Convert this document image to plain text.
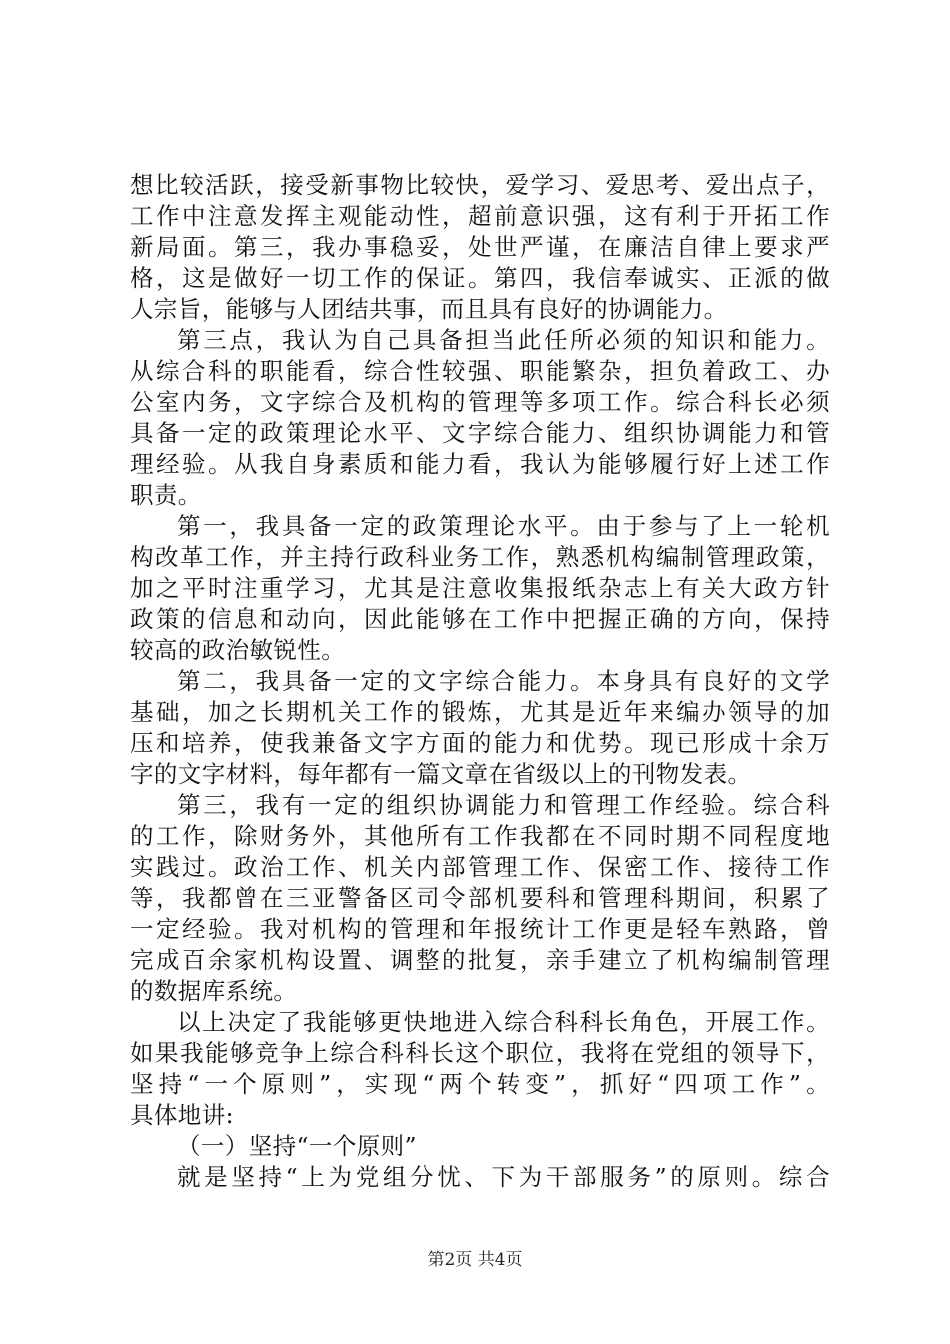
想比较活跃，接受新事物比较快，爱学习、爱思考、爱出点子，
工作中注意发挥主观能动性，超前意识强，这有利于开拓工作
新局面。第三，我办事稳妥，处世严谨，在廉洁自律上要求严
格，这是做好一切工作的保证。第四，我信奉诚实、正派的做
人宗旨，能够与人团结共事，而且具有良好的协调能力。
第三点，我认为自己具备担当此任所必须的知识和能力。
从综合科的职能看，综合性较强、职能繁杂，担负着政工、办
公室内务，文字综合及机构的管理等多项工作。综合科长必须
具备一定的政策理论水平、文字综合能力、组织协调能力和管
理经验。从我自身素质和能力看，我认为能够履行好上述工作
职责。
第一，我具备一定的政策理论水平。由于参与了上一轮机
构改革工作，并主持行政科业务工作，熟悉机构编制管理政策，
加之平时注重学习，尤其是注意收集报纸杂志上有关大政方针
政策的信息和动向，因此能够在工作中把握正确的方向，保持
较高的政治敏锐性。
第二，我具备一定的文字综合能力。本身具有良好的文学
基础，加之长期机关工作的锻炼，尤其是近年来编办领导的加
压和培养，使我兼备文字方面的能力和优势。现已形成十余万
字的文字材料，每年都有一篇文章在省级以上的刊物发表。
第三，我有一定的组织协调能力和管理工作经验。综合科
的工作，除财务外，其他所有工作我都在不同时期不同程度地
实践过。政治工作、机关内部管理工作、保密工作、接待工作
等，我都曾在三亚警备区司令部机要科和管理科期间，积累了
一定经验。我对机构的管理和年报统计工作更是轻车熟路，曾
完成百余家机构设置、调整的批复，亲手建立了机构编制管理
的数据库系统。
以上决定了我能够更快地进入综合科科长角色，开展工作。
如果我能够竞争上综合科科长这个职位，我将在党组的领导下，
坚持“一个原则”，实现“两个转变”，抓好“四项工作”。
具体地讲:
（一）坚持“一个原则”
就是坚持“上为党组分忧、下为干部服务”的原则。综合
第2页 共4页
